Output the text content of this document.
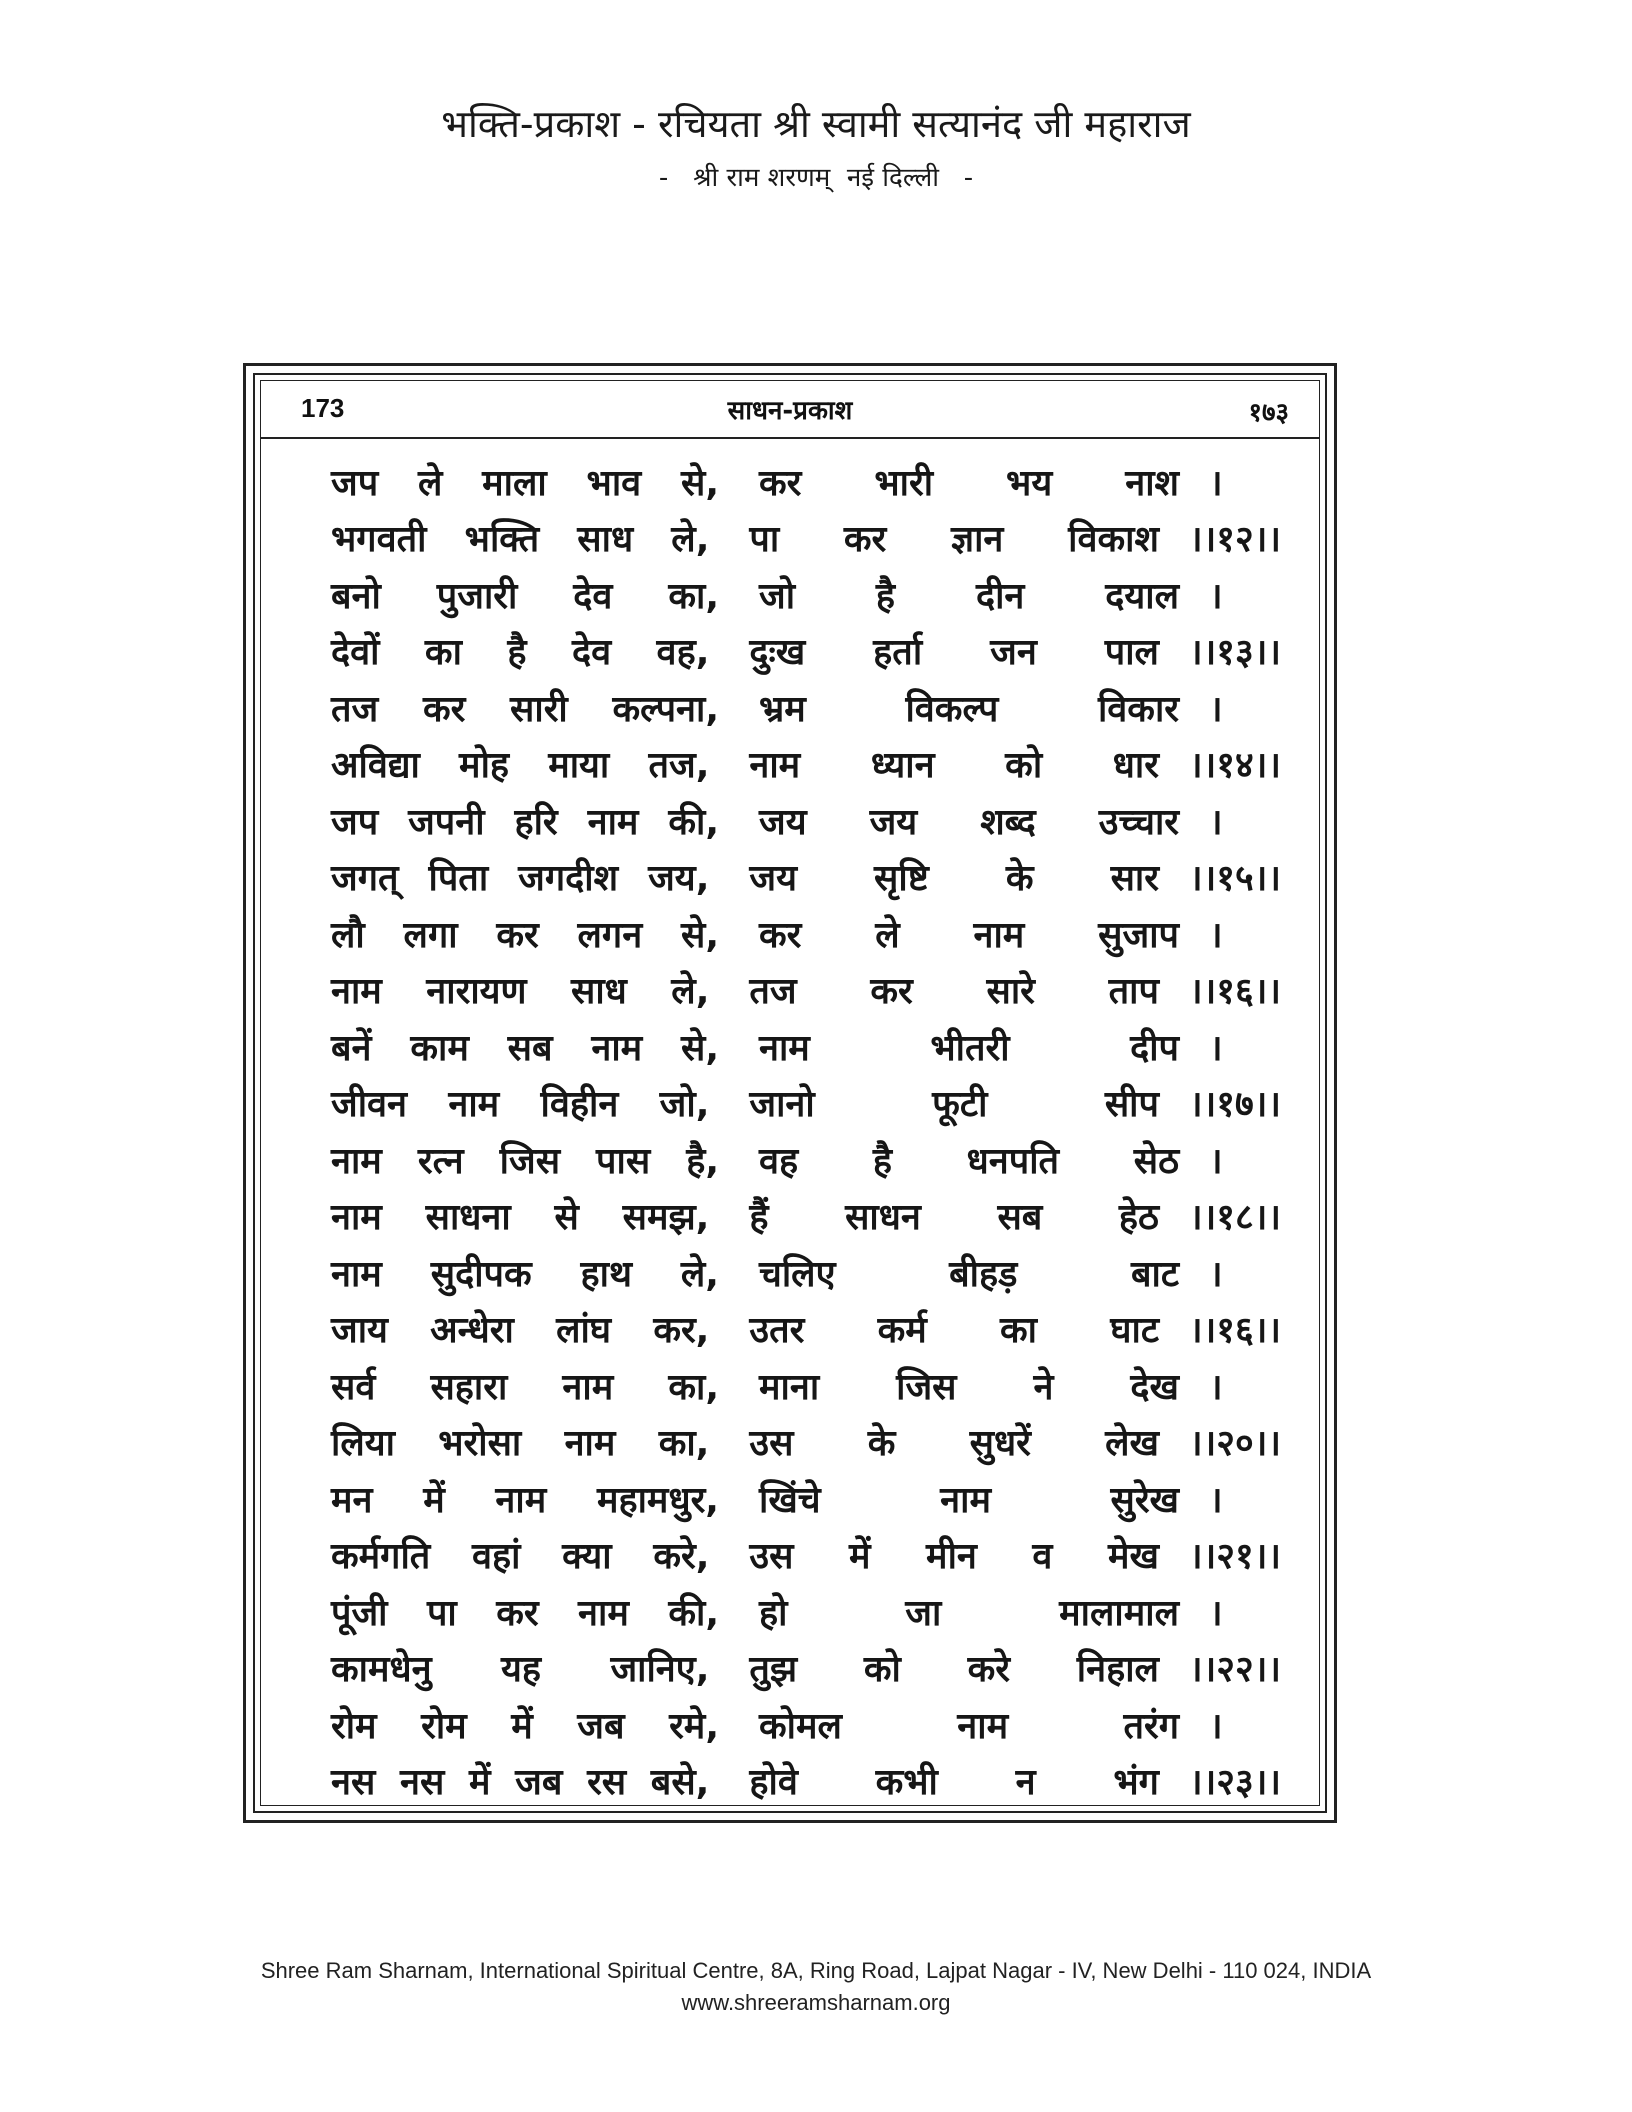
भक्ति-प्रकाश - रचियता श्री स्वामी सत्यानंद जी महाराज
-   श्री राम शरणम्  नई दिल्ली   -
173	साधन-प्रकाश	१७३
जप ले माला भाव से, कर भारी भय नाश ।
भगवती भक्ति साध ले, पा कर ज्ञान विकाश ।।१२।।
बनो पुजारी देव का, जो है दीन दयाल ।
देवों का है देव वह, दुःख हर्ता जन पाल ।।१३।।
तज कर सारी कल्पना, भ्रम विकल्प विकार ।
अविद्या मोह माया तज, नाम ध्यान को धार ।।१४।।
जप जपनी हरि नाम की, जय जय शब्द उच्चार ।
जगत् पिता जगदीश जय, जय सृष्टि के सार ।।१५।।
लौ लगा कर लगन से, कर ले नाम सुजाप ।
नाम नारायण साध ले, तज कर सारे ताप ।।१६।।
बनें काम सब नाम से, नाम भीतरी दीप ।
जीवन नाम विहीन जो, जानो फूटी सीप ।।१७।।
नाम रत्न जिस पास है, वह है धनपति सेठ ।
नाम साधना से समझ, हैं साधन सब हेठ ।।१८।।
नाम सुदीपक हाथ ले, चलिए बीहड़ बाट ।
जाय अन्धेरा लांघ कर, उतर कर्म का घाट ।।१६।।
सर्व सहारा नाम का, माना जिस ने देख ।
लिया भरोसा नाम का, उस के सुधरें लेख ।।२०।।
मन में नाम महामधुर, खिंचे नाम सुरेख ।
कर्मगति वहां क्या करे, उस में मीन व मेख ।।२१।।
पूंजी पा कर नाम की, हो जा मालामाल ।
कामधेनु यह जानिए, तुझ को करे निहाल ।।२२।।
रोम रोम में जब रमे, कोमल नाम तरंग ।
नस नस में जब रस बसे, होवे कभी न भंग ।।२३।।
Shree Ram Sharnam, International Spiritual Centre, 8A, Ring Road, Lajpat Nagar - IV, New Delhi - 110 024, INDIA
www.shreeramsharnam.org
